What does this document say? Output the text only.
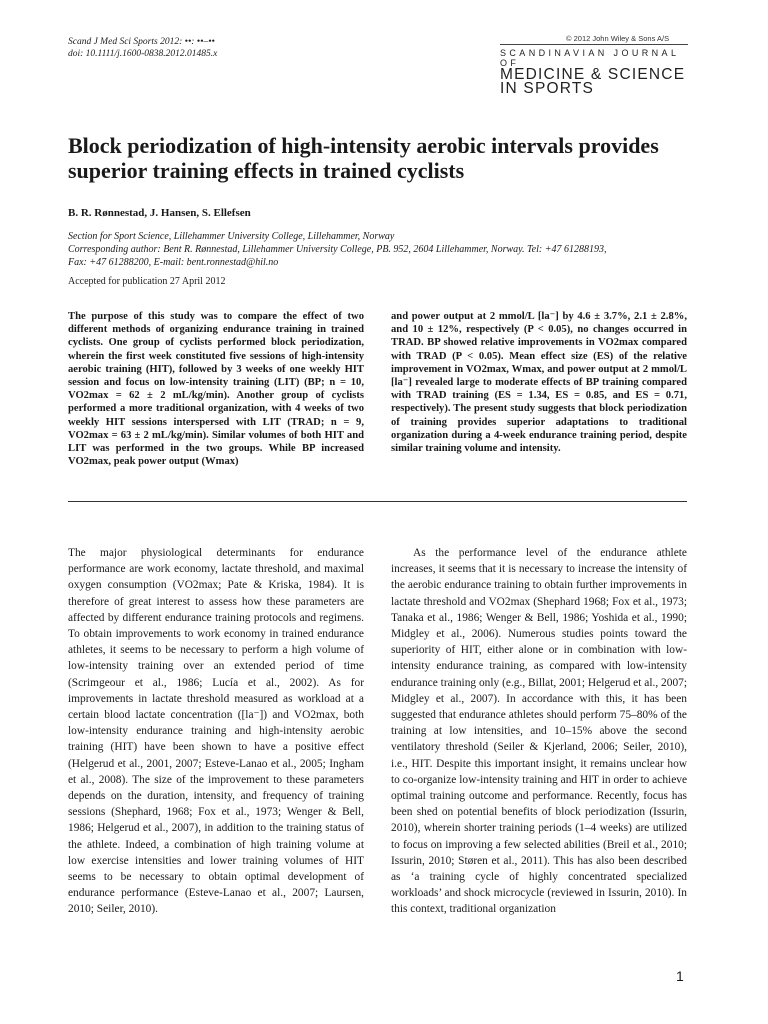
Scand J Med Sci Sports 2012: ••: ••–••
doi: 10.1111/j.1600-0838.2012.01485.x
© 2012 John Wiley & Sons A/S
SCANDINAVIAN JOURNAL OF
MEDICINE & SCIENCE
IN SPORTS
Block periodization of high-intensity aerobic intervals provides superior training effects in trained cyclists
B. R. Rønnestad, J. Hansen, S. Ellefsen
Section for Sport Science, Lillehammer University College, Lillehammer, Norway
Corresponding author: Bent R. Rønnestad, Lillehammer University College, PB. 952, 2604 Lillehammer, Norway. Tel: +47 61288193,
Fax: +47 61288200, E-mail: bent.ronnestad@hil.no
Accepted for publication 27 April 2012
The purpose of this study was to compare the effect of two different methods of organizing endurance training in trained cyclists. One group of cyclists performed block periodization, wherein the first week constituted five sessions of high-intensity aerobic training (HIT), followed by 3 weeks of one weekly HIT session and focus on low-intensity training (LIT) (BP; n = 10, VO2max = 62 ± 2 mL/kg/min). Another group of cyclists performed a more traditional organization, with 4 weeks of two weekly HIT sessions interspersed with LIT (TRAD; n = 9, VO2max = 63 ± 2 mL/kg/min). Similar volumes of both HIT and LIT was performed in the two groups. While BP increased VO2max, peak power output (Wmax)
and power output at 2 mmol/L [la⁻] by 4.6 ± 3.7%, 2.1 ± 2.8%, and 10 ± 12%, respectively (P < 0.05), no changes occurred in TRAD. BP showed relative improvements in VO2max compared with TRAD (P < 0.05). Mean effect size (ES) of the relative improvement in VO2max, Wmax, and power output at 2 mmol/L [la⁻] revealed large to moderate effects of BP training compared with TRAD training (ES = 1.34, ES = 0.85, and ES = 0.71, respectively). The present study suggests that block periodization of training provides superior adaptations to traditional organization during a 4-week endurance training period, despite similar training volume and intensity.

The major physiological determinants for endurance performance are work economy, lactate threshold, and maximal oxygen consumption (VO2max; Pate & Kriska, 1984). It is therefore of great interest to assess how these parameters are affected by different endurance training protocols and regimens. To obtain improvements to work economy in trained endurance athletes, it seems to be necessary to perform a high volume of low-intensity training over an extended period of time (Scrimgeour et al., 1986; Lucía et al., 2002). As for improvements in lactate threshold measured as workload at a certain blood lactate concentration ([la⁻]) and VO2max, both low-intensity endurance training and high-intensity aerobic training (HIT) have been shown to have a positive effect (Helgerud et al., 2001, 2007; Esteve-Lanao et al., 2005; Ingham et al., 2008). The size of the improvement to these parameters depends on the duration, intensity, and frequency of training sessions (Shephard, 1968; Fox et al., 1973; Wenger & Bell, 1986; Helgerud et al., 2007), in addition to the training status of the athlete. Indeed, a combination of high training volume at low exercise intensities and lower training volumes of HIT seems to be necessary to obtain optimal development of endurance performance (Esteve-Lanao et al., 2007; Laursen, 2010; Seiler, 2010).

As the performance level of the endurance athlete increases, it seems that it is necessary to increase the intensity of the aerobic endurance training to obtain further improvements in lactate threshold and VO2max (Shephard 1968; Fox et al., 1973; Tanaka et al., 1986; Wenger & Bell, 1986; Yoshida et al., 1990; Midgley et al., 2006). Numerous studies points toward the superiority of HIT, either alone or in combination with low-intensity endurance training, as compared with low-intensity endurance training only (e.g., Billat, 2001; Helgerud et al., 2007; Midgley et al., 2007). In accordance with this, it has been suggested that endurance athletes should perform 75–80% of the training at low intensities, and 10–15% above the second ventilatory threshold (Seiler & Kjerland, 2006; Seiler, 2010), i.e., HIT. Despite this important insight, it remains unclear how to co-organize low-intensity training and HIT in order to achieve optimal training outcome and performance. Recently, focus has been shed on potential benefits of block periodization (Issurin, 2010), wherein shorter training periods (1–4 weeks) are utilized to focus on improving a few selected abilities (Breil et al., 2010; Issurin, 2010; Støren et al., 2011). This has also been described as ‘a training cycle of highly concentrated specialized workloads’ and shock microcycle (reviewed in Issurin, 2010). In this context, traditional organization

1
